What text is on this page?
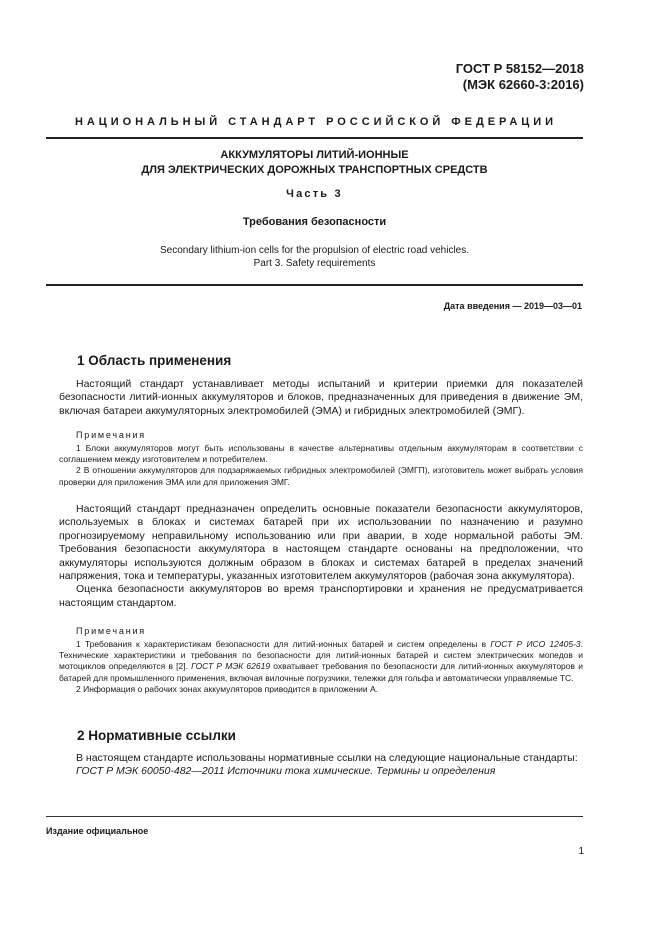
ГОСТ Р 58152—2018
(МЭК 62660-3:2016)
НАЦИОНАЛЬНЫЙ СТАНДАРТ РОССИЙСКОЙ ФЕДЕРАЦИИ
АККУМУЛЯТОРЫ ЛИТИЙ-ИОННЫЕ
ДЛЯ ЭЛЕКТРИЧЕСКИХ ДОРОЖНЫХ ТРАНСПОРТНЫХ СРЕДСТВ
Часть 3
Требования безопасности
Secondary lithium-ion cells for the propulsion of electric road vehicles.
Part 3. Safety requirements
Дата введения — 2019—03—01
1 Область применения
Настоящий стандарт устанавливает методы испытаний и критерии приемки для показателей безопасности литий-ионных аккумуляторов и блоков, предназначенных для приведения в движение ЭМ, включая батареи аккумуляторных электромобилей (ЭМА) и гибридных электромобилей (ЭМГ).
Примечания
1 Блоки аккумуляторов могут быть использованы в качестве альтернативы отдельным аккумуляторам в соответствии с соглашением между изготовителем и потребителем.
2 В отношении аккумуляторов для подзаряжаемых гибридных электромобилей (ЭМГП), изготовитель может выбрать условия проверки для приложения ЭМА или для приложения ЭМГ.
Настоящий стандарт предназначен определить основные показатели безопасности аккумуляторов, используемых в блоках и системах батарей при их использовании по назначению и разумно прогнозируемому неправильному использованию или при аварии, в ходе нормальной работы ЭМ. Требования безопасности аккумулятора в настоящем стандарте основаны на предположении, что аккумуляторы используются должным образом в блоках и системах батарей в пределах значений напряжения, тока и температуры, указанных изготовителем аккумуляторов (рабочая зона аккумулятора).
Оценка безопасности аккумуляторов во время транспортировки и хранения не предусматривается настоящим стандартом.
Примечания
1 Требования к характеристикам безопасности для литий-ионных батарей и систем определены в ГОСТ Р ИСО 12405-3. Технические характеристики и требования по безопасности для литий-ионных батарей и систем электрических мопедов и мотоциклов определяются в [2]. ГОСТ Р МЭК 62619 охватывает требования по безопасности для литий-ионных аккумуляторов и батарей для промышленного применения, включая вилочные погрузчики, тележки для гольфа и автоматически управляемые ТС.
2 Информация о рабочих зонах аккумуляторов приводится в приложении А.
2 Нормативные ссылки
В настоящем стандарте использованы нормативные ссылки на следующие национальные стандарты:
ГОСТ Р МЭК 60050-482—2011 Источники тока химические. Термины и определения
Издание официальное
1
